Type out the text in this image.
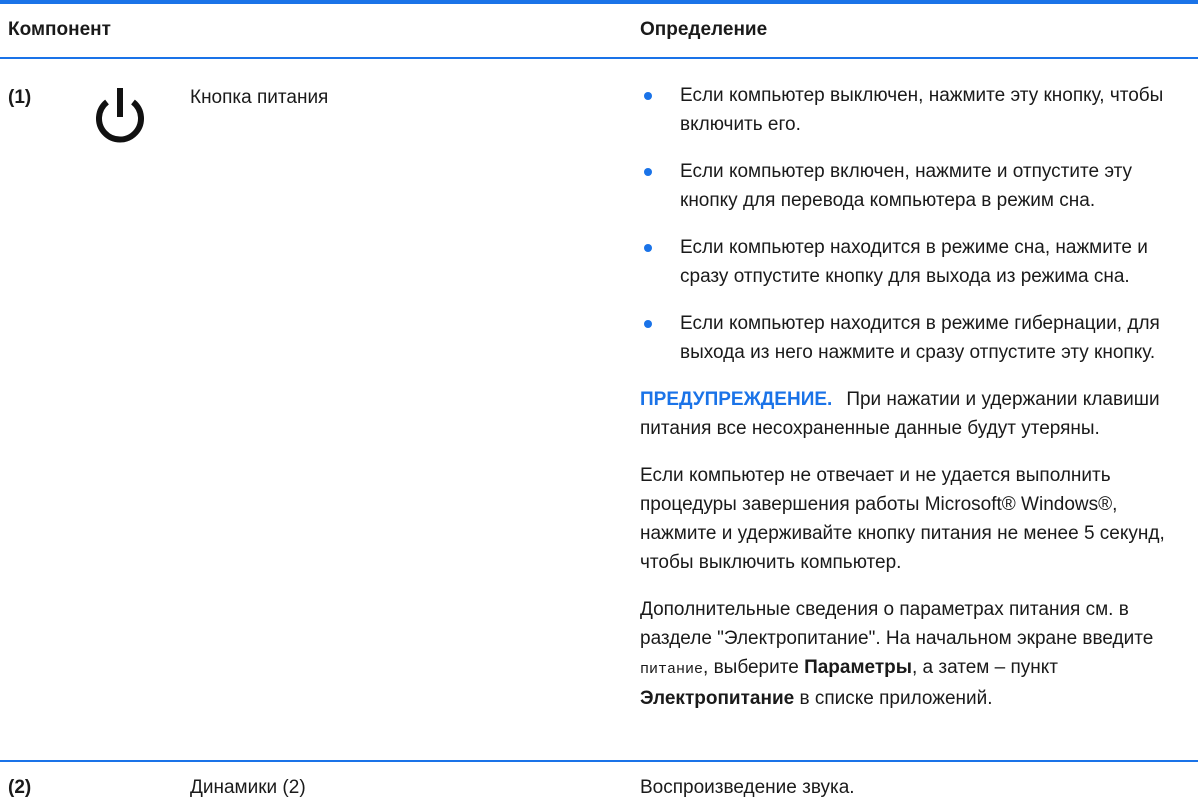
Компонент	Определение
(1)	Кнопка питания	Если компьютер выключен, нажмите эту кнопку, чтобы включить его.
Если компьютер включен, нажмите и отпустите эту кнопку для перевода компьютера в режим сна.
Если компьютер находится в режиме сна, нажмите и сразу отпустите кнопку для выхода из режима сна.
Если компьютер находится в режиме гибернации, для выхода из него нажмите и сразу отпустите эту кнопку.

ПРЕДУПРЕЖДЕНИЕ. При нажатии и удержании клавиши питания все несохраненные данные будут утеряны.

Если компьютер не отвечает и не удается выполнить процедуры завершения работы Microsoft® Windows®, нажмите и удерживайте кнопку питания не менее 5 секунд, чтобы выключить компьютер.

Дополнительные сведения о параметрах питания см. в разделе "Электропитание". На начальном экране введите питание, выберите Параметры, а затем – пункт Электропитание в списке приложений.

(2)	Динамики (2)	Воспроизведение звука.
